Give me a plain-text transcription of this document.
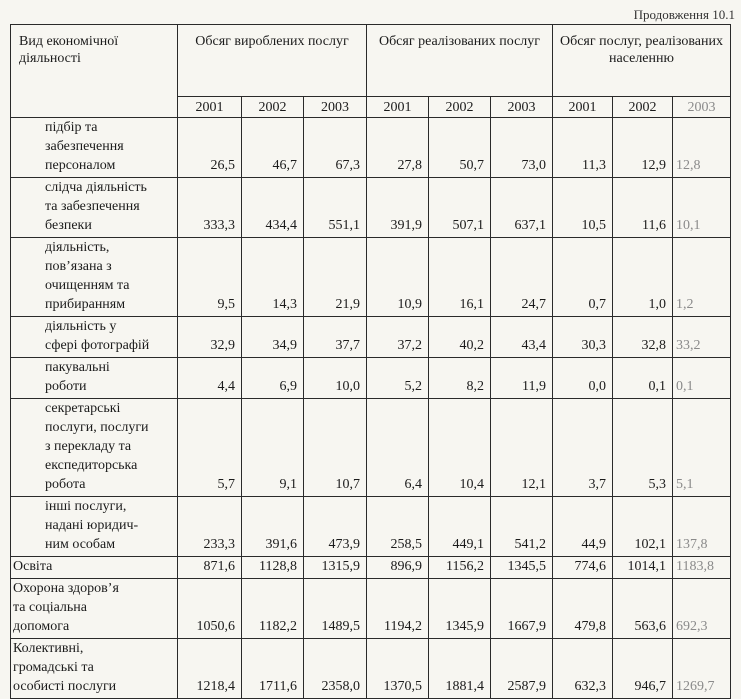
Продовження 10.1
Вид економічної діяльності	Обсяг вироблених послуг			Обсяг реалізованих послуг			Обсяг послуг, реалізованих населенню		
	2001	2002	2003	2001	2002	2003	2001	2002	2003
підбір та
забезпечення
персоналом	26,5	46,7	67,3	27,8	50,7	73,0	11,3	12,9	12,8
слідча діяльність
та забезпечення
безпеки	333,3	434,4	551,1	391,9	507,1	637,1	10,5	11,6	10,1
діяльність,
пов’язана з
очищенням та
прибиранням	9,5	14,3	21,9	10,9	16,1	24,7	0,7	1,0	1,2
діяльність у
сфері фотографій	32,9	34,9	37,7	37,2	40,2	43,4	30,3	32,8	33,2
пакувальні
роботи	4,4	6,9	10,0	5,2	8,2	11,9	0,0	0,1	0,1
секретарські
послуги, послуги
з перекладу та
експедиторська
робота	5,7	9,1	10,7	6,4	10,4	12,1	3,7	5,3	5,1
інші послуги,
надані юридич-
ним особам	233,3	391,6	473,9	258,5	449,1	541,2	44,9	102,1	137,8
Освіта	871,6	1128,8	1315,9	896,9	1156,2	1345,5	774,6	1014,1	1183,8
Охорона здоров’я
та соціальна
допомога	1050,6	1182,2	1489,5	1194,2	1345,9	1667,9	479,8	563,6	692,3
Колективні,
громадські та
особисті послуги	1218,4	1711,6	2358,0	1370,5	1881,4	2587,9	632,3	946,7	1269,7
